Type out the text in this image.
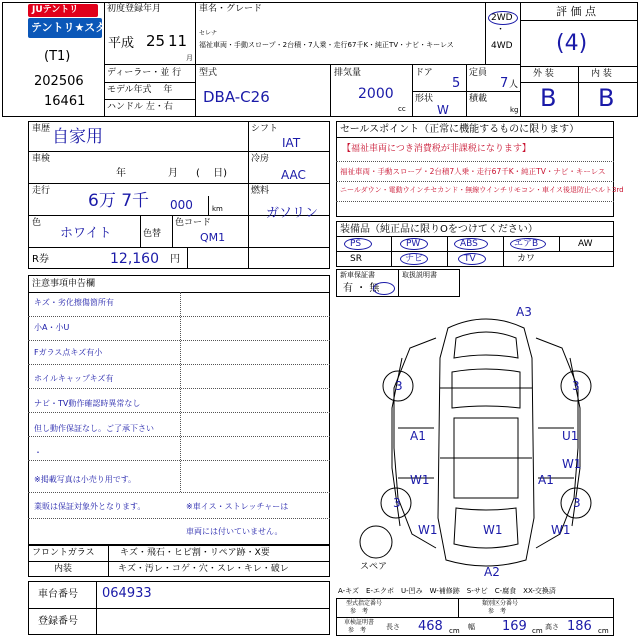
JUテントリ
テントリ★スター
(T1)
202506
16461
初度登録年月
平成 25 11
月
車名・グレード
セレナ
福祉車両・手動スロープ・2台積・7人乗・走行67千K・純正TV・ナビ・キーレス
2WD
・
4WD
評 価 点
(4)
外 装	内 装
B B
ディーラー・並 行
モデル年式 　年
ハンドル 左・右
型式
DBA-C26
排気量
2000
cc
ドア
5
定員
7 人
形状
W
積載
kg
車歴 自家用
車検
年	月 (　 日)
走行 6万 7千 000	km
色
ホワイト	色替
色コード
QM1
R券	12,160 円
シフト
IAT
冷房
AAC
燃料
ガソリン
セールスポイント（正常に機能するものに限ります）
【福祉車両につき消費税が非課税になります】
福祉車両・手動スロープ・2台積7人乗・走行67千K・純正TV・ナビ・キーレス
ニールダウン・電動ウインチセカンド・無線ウインチリモコン・車イス後退防止ベルト3rd
装備品（純正品に限りOをつけてください）
PS	PW	ABS	エアB	AW
SR	ナビ	TV	カワ
新車保証書
有 ・ 無
取扱説明書
注意事項申告欄
キズ・劣化擦傷箇所有
小A・小U
Fガラス点キズ有小
ホイルキャップキズ有
ナビ・TV動作確認時異常なし
但し動作保証なし。ご了承下さい
・
※掲載写真は小売り用です。
業販は保証対象外となります。	※車イス・ストレッチャーは
車両には付いていません。
フロントガラス	キズ・飛石・ヒビ割・リペア跡・X要
内装	キズ・汚レ・コゲ・穴・スレ・キレ・破レ
車台番号 064933
登録番号
A3
3	3
A1	U1
W1
W1
W1
A1
3	3
W1	W1
A2
スペア
A-キズ　E-エクボ　U-凹み　W-補修跡　S-サビ　C-腐食　XX-交換済
型式指定番号
参　考
類別区分番号
参　考
車検証明書
参　考	長さ 468 cm 幅 169 cm 高さ 186 cm
